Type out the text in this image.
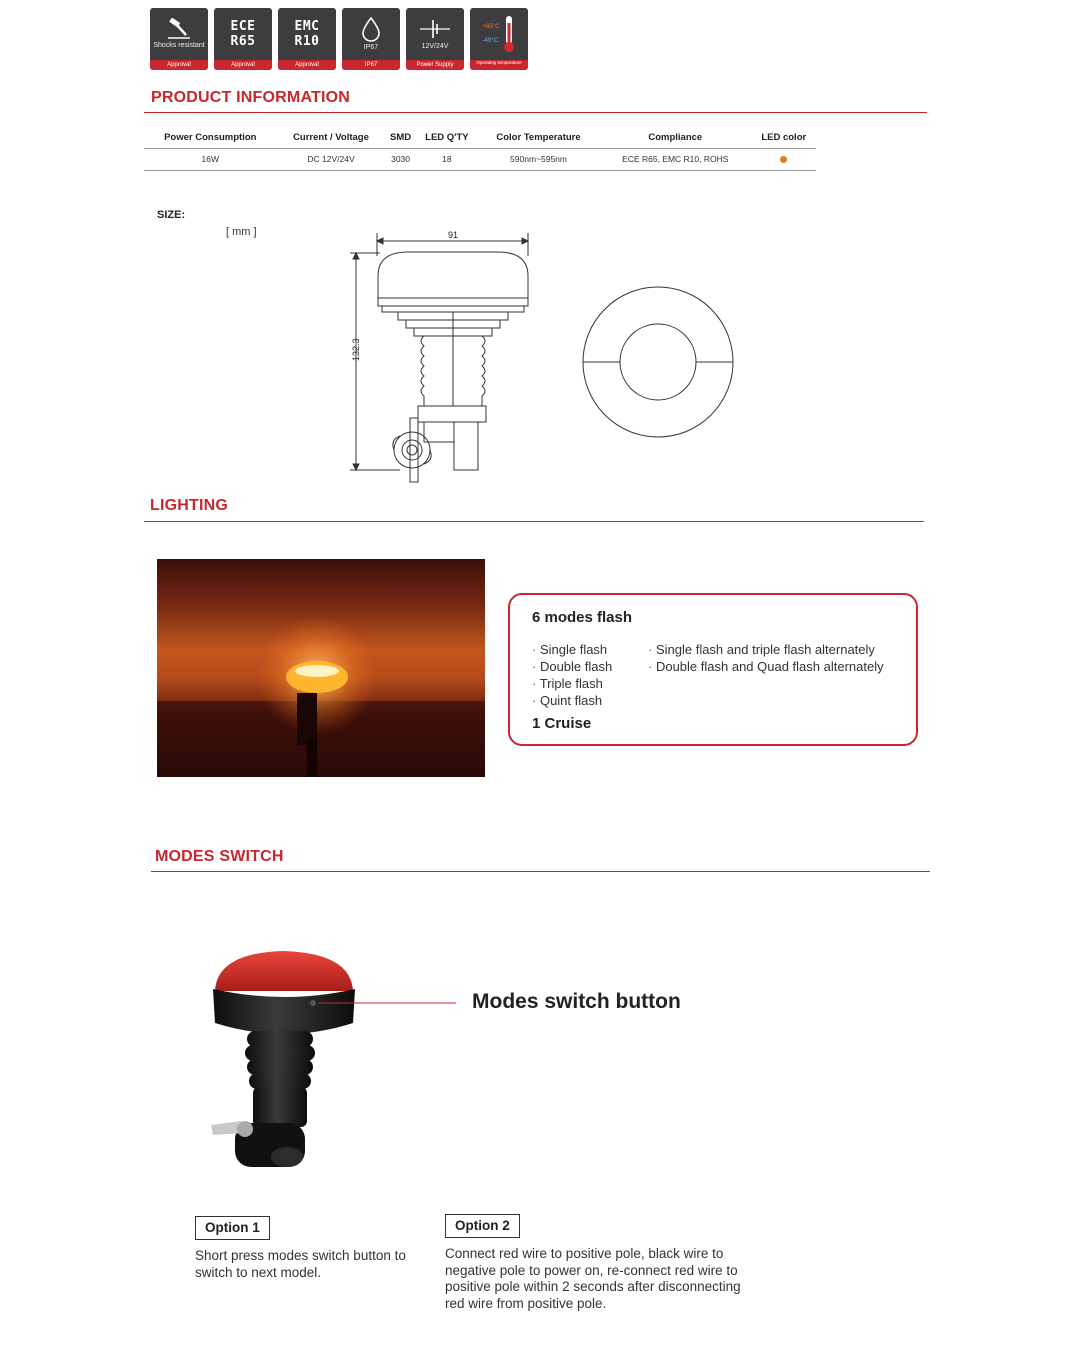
Shocks resistant
Approval
ECE R65
Approval
EMC R10
Approval
IP67
IP67
12V/24V
Power Supply
+85°C
-40°C
Operating temperature
PRODUCT INFORMATION
Power Consumption	Current / Voltage	SMD	LED Q'TY	Color Temperature	Compliance	LED color
16W	DC 12V/24V	3030	18	590nm~595nm	ECE R65, EMC R10, ROHS	
SIZE:
[ mm ]	91
132.3
LIGHTING
6 modes flash
· Single flash
· Double flash
· Triple flash
· Quint flash
· Single flash and triple flash alternately
· Double flash and Quad flash alternately
1 Cruise
MODES SWITCH
Modes switch button
Option 1
Short press modes switch button to switch to next model.
Option 2
Connect red wire to positive pole, black wire to negative pole to power on, re-connect red wire to positive pole within 2 seconds after disconnecting red wire from positive pole.
